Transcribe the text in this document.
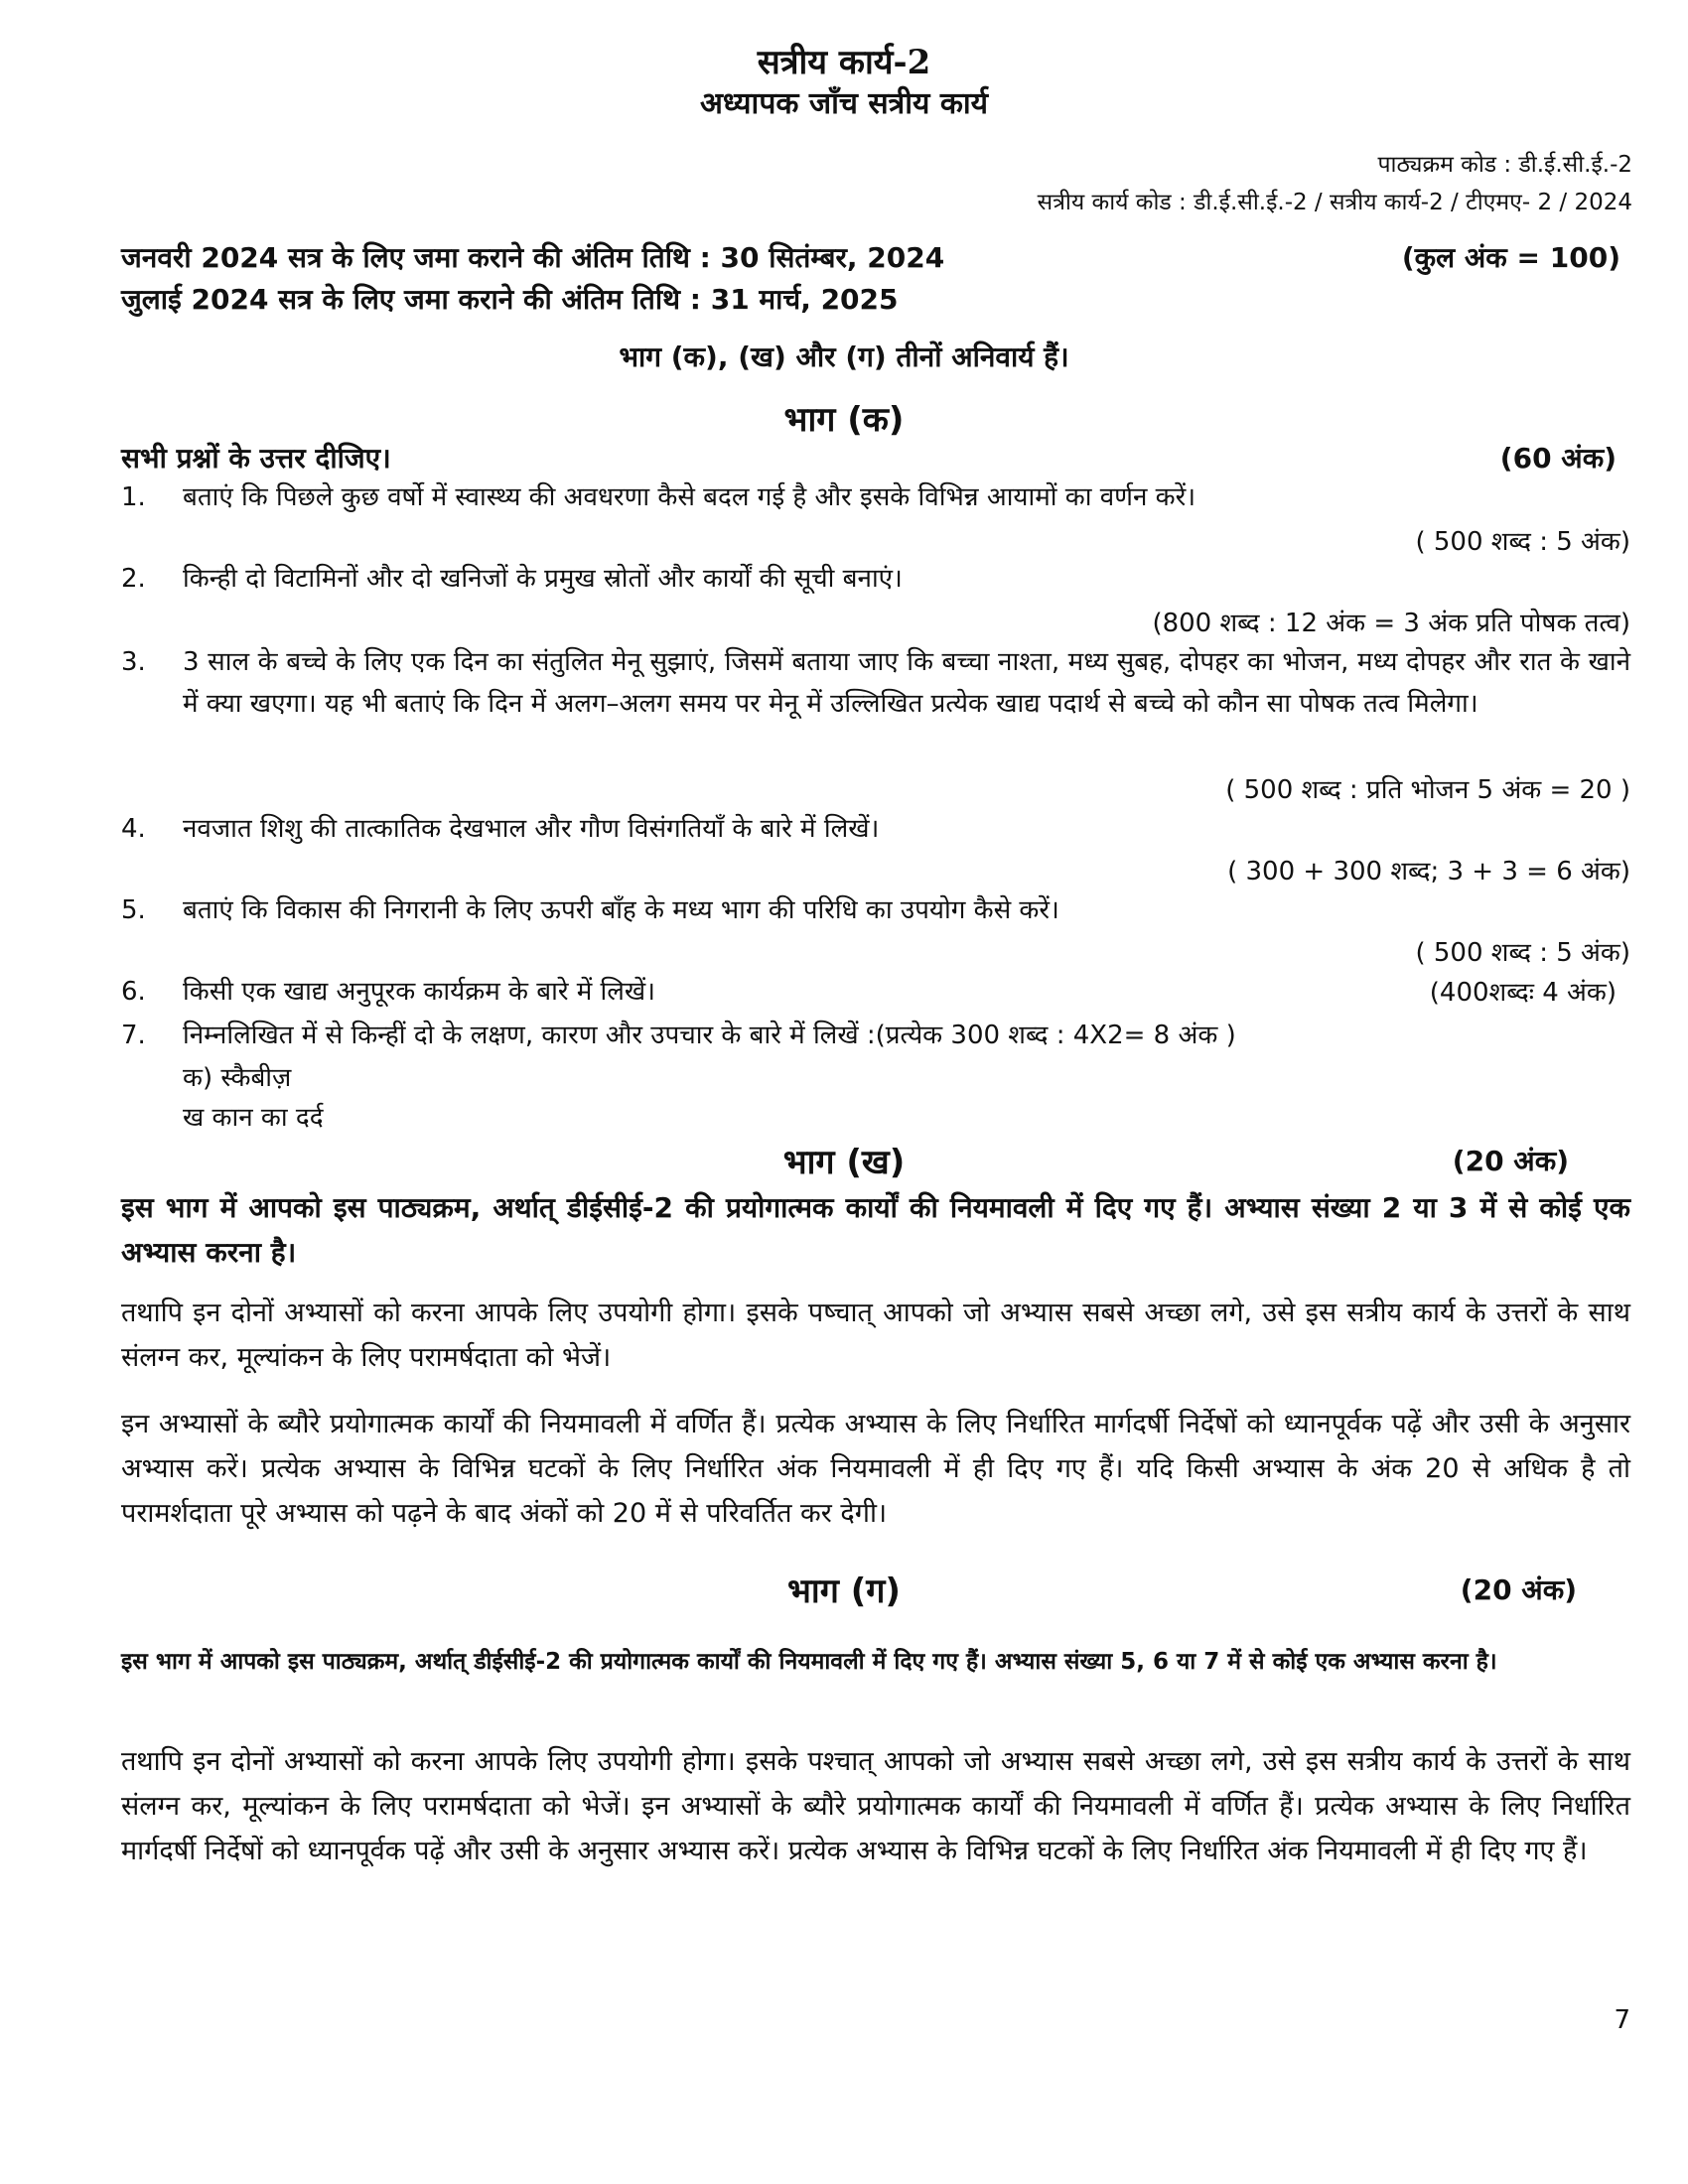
सत्रीय कार्य-2
अध्यापक जाँच सत्रीय कार्य
पाठ्यक्रम कोड : डी.ई.सी.ई.-2
सत्रीय कार्य कोड : डी.ई.सी.ई.-2 / सत्रीय कार्य-2 / टीएमए- 2 / 2024
जनवरी 2024 सत्र के लिए जमा कराने की अंतिम तिथि : 30 सितंम्बर, 2024	(कुल अंक = 100)
जुलाई 2024 सत्र के लिए जमा कराने की अंतिम तिथि : 31 मार्च, 2025
भाग (क), (ख) और (ग) तीनों अनिवार्य हैं।
भाग (क)
सभी प्रश्नों के उत्तर दीजिए।	(60 अंक)
1.	बताएं कि पिछले कुछ वर्षो में स्वास्थ्य की अवधरणा कैसे बदल गई है और इसके विभिन्न आयामों का वर्णन करें।
( 500 शब्द : 5 अंक)
2.	किन्ही दो विटामिनों और दो खनिजों के प्रमुख स्रोतों और कार्यों की सूची बनाएं।
(800 शब्द : 12 अंक = 3 अंक प्रति पोषक तत्व)
3.	3 साल के बच्चे के लिए एक दिन का संतुलित मेनू सुझाएं, जिसमें बताया जाए कि बच्चा नाश्ता, मध्य सुबह, दोपहर का भोजन, मध्य दोपहर और रात के खाने में क्या खएगा। यह भी बताएं कि दिन में अलग–अलग समय पर मेनू में उल्लिखित प्रत्येक खाद्य पदार्थ से बच्चे को कौन सा पोषक तत्व मिलेगा।
( 500 शब्द : प्रति भोजन 5 अंक = 20 )
4.	नवजात शिशु की तात्कातिक देखभाल और गौण विसंगतियाँ के बारे में लिखें।
( 300 + 300 शब्द; 3 + 3 = 6 अंक)
5.	बताएं कि विकास की निगरानी के लिए ऊपरी बाँह के मध्य भाग की परिधि का उपयोग कैसे करें।
( 500 शब्द : 5 अंक)
6.	किसी एक खाद्य अनुपूरक कार्यक्रम के बारे में लिखें।	(400शब्दः 4 अंक)
7.	निम्नलिखित में से किन्हीं दो के लक्षण, कारण और उपचार के बारे में लिखें :(प्रत्येक 300 शब्द : 4X2= 8 अंक )
क) स्कैबीज़
ख कान का दर्द
भाग (ख)	(20 अंक)
इस भाग में आपको इस पाठ्यक्रम, अर्थात् डीईसीई-2 की प्रयोगात्मक कार्यों की नियमावली में दिए गए हैं। अभ्यास संख्या 2 या 3 में से कोई एक अभ्यास करना है।
तथापि इन दोनों अभ्यासों को करना आपके लिए उपयोगी होगा। इसके पष्चात् आपको जो अभ्यास सबसे अच्छा लगे, उसे इस सत्रीय कार्य के उत्तरों के साथ संलग्न कर, मूल्यांकन के लिए परामर्षदाता को भेजें।
इन अभ्यासों के ब्यौरे प्रयोगात्मक कार्यों की नियमावली में वर्णित हैं। प्रत्येक अभ्यास के लिए निर्धारित मार्गदर्षी निर्देषों को ध्यानपूर्वक पढ़ें और उसी के अनुसार अभ्यास करें। प्रत्येक अभ्यास के विभिन्न घटकों के लिए निर्धारित अंक नियमावली में ही दिए गए हैं। यदि किसी अभ्यास के अंक 20 से अधिक है तो परामर्शदाता पूरे अभ्यास को पढ़ने के बाद अंकों को 20 में से परिवर्तित कर देगी।
भाग (ग)	(20 अंक)
इस भाग में आपको इस पाठ्यक्रम, अर्थात् डीईसीई-2 की प्रयोगात्मक कार्यों की नियमावली में दिए गए हैं। अभ्यास संख्या 5, 6 या 7 में से कोई एक अभ्यास करना है।
तथापि इन दोनों अभ्यासों को करना आपके लिए उपयोगी होगा। इसके पश्चात् आपको जो अभ्यास सबसे अच्छा लगे, उसे इस सत्रीय कार्य के उत्तरों के साथ संलग्न कर, मूल्यांकन के लिए परामर्षदाता को भेजें। इन अभ्यासों के ब्यौरे प्रयोगात्मक कार्यों की नियमावली में वर्णित हैं। प्रत्येक अभ्यास के लिए निर्धारित मार्गदर्षी निर्देषों को ध्यानपूर्वक पढ़ें और उसी के अनुसार अभ्यास करें। प्रत्येक अभ्यास के विभिन्न घटकों के लिए निर्धारित अंक नियमावली में ही दिए गए हैं।
7
